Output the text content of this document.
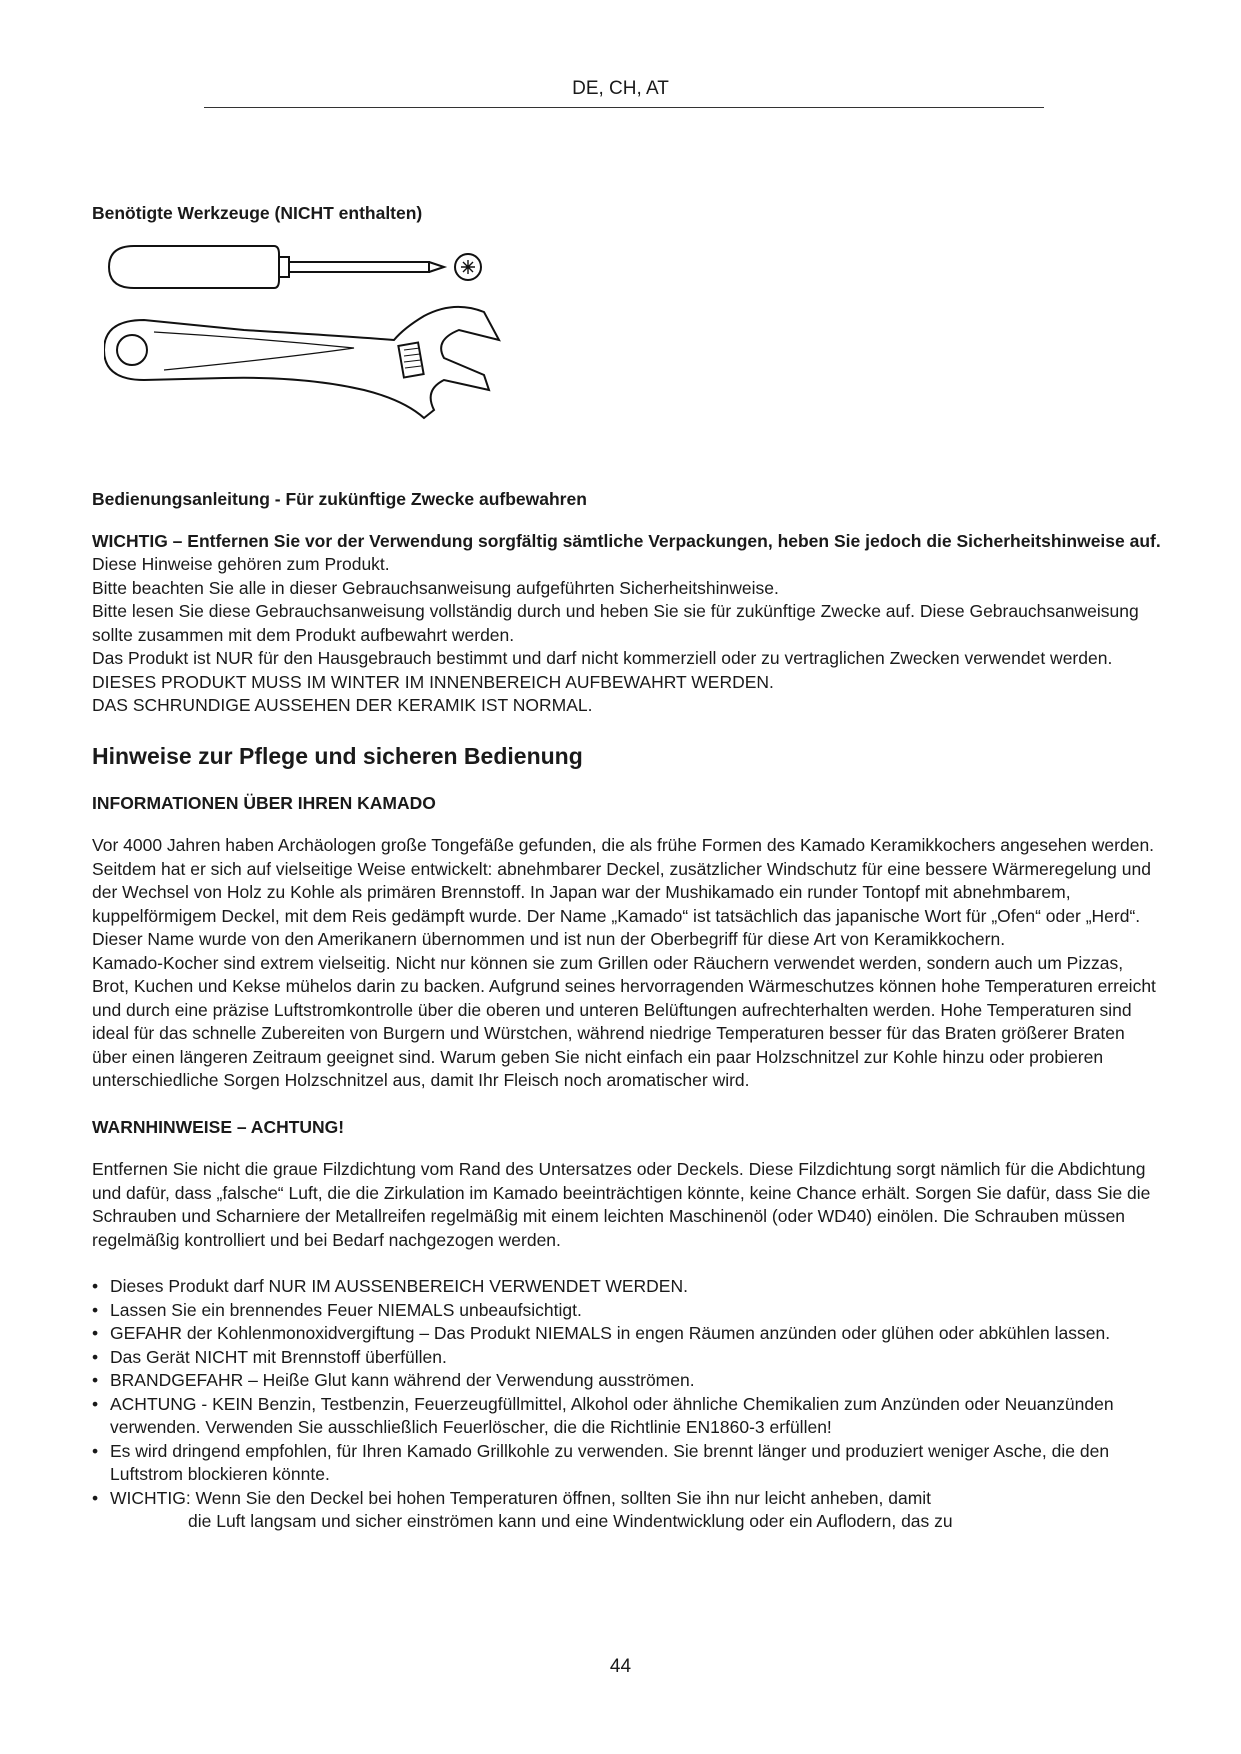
DE, CH, AT

Benötigte Werkzeuge (NICHT enthalten)

Bedienungsanleitung - Für zukünftige Zwecke aufbewahren

WICHTIG – Entfernen Sie vor der Verwendung sorgfältig sämtliche Verpackungen, heben Sie jedoch die Sicherheitshinweise auf.

Diese Hinweise gehören zum Produkt.

Bitte beachten Sie alle in dieser Gebrauchsanweisung aufgeführten Sicherheitshinweise.

Bitte lesen Sie diese Gebrauchsanweisung vollständig durch und heben Sie sie für zukünftige Zwecke auf. Diese Gebrauchsanweisung sollte zusammen mit dem Produkt aufbewahrt werden.

Das Produkt ist NUR für den Hausgebrauch bestimmt und darf nicht kommerziell oder zu vertraglichen Zwecken verwendet werden. DIESES PRODUKT MUSS IM WINTER IM INNENBEREICH AUFBEWAHRT WERDEN.

DAS SCHRUNDIGE AUSSEHEN DER KERAMIK IST NORMAL.

Hinweise zur Pflege und sicheren Bedienung
INFORMATIONEN ÜBER IHREN KAMADO

Vor 4000 Jahren haben Archäologen große Tongefäße gefunden, die als frühe Formen des Kamado Keramikkochers angesehen werden. Seitdem hat er sich auf vielseitige Weise entwickelt: abnehmbarer Deckel, zusätzlicher Windschutz für eine bessere Wärmeregelung und der Wechsel von Holz zu Kohle als primären Brennstoff. In Japan war der Mushikamado ein runder Tontopf mit abnehmbarem, kuppelförmigem Deckel, mit dem Reis gedämpft wurde. Der Name „Kamado“ ist tatsächlich das japanische Wort für „Ofen“ oder „Herd“. Dieser Name wurde von den Amerikanern übernommen und ist nun der Oberbegriff für diese Art von Keramikkochern.

Kamado-Kocher sind extrem vielseitig. Nicht nur können sie zum Grillen oder Räuchern verwendet werden, sondern auch um Pizzas, Brot, Kuchen und Kekse mühelos darin zu backen. Aufgrund seines hervorragenden Wärmeschutzes können hohe Temperaturen erreicht und durch eine präzise Luftstromkontrolle über die oberen und unteren Belüftungen aufrechterhalten werden. Hohe Temperaturen sind ideal für das schnelle Zubereiten von Burgern und Würstchen, während niedrige Temperaturen besser für das Braten größerer Braten über einen längeren Zeitraum geeignet sind. Warum geben Sie nicht einfach ein paar Holzschnitzel zur Kohle hinzu oder probieren unterschiedliche Sorgen Holzschnitzel aus, damit Ihr Fleisch noch aromatischer wird.

WARNHINWEISE – ACHTUNG!

Entfernen Sie nicht die graue Filzdichtung vom Rand des Untersatzes oder Deckels. Diese Filzdichtung sorgt nämlich für die Abdichtung und dafür, dass „falsche“ Luft, die die Zirkulation im Kamado beeinträchtigen könnte, keine Chance erhält. Sorgen Sie dafür, dass Sie die Schrauben und Scharniere der Metallreifen regelmäßig mit einem leichten Maschinenöl (oder WD40) einölen. Die Schrauben müssen regelmäßig kontrolliert und bei Bedarf nachgezogen werden.

• Dieses Produkt darf NUR IM AUSSENBEREICH VERWENDET WERDEN.
• Lassen Sie ein brennendes Feuer NIEMALS unbeaufsichtigt.
• GEFAHR der Kohlenmonoxidvergiftung – Das Produkt NIEMALS in engen Räumen anzünden oder glühen oder abkühlen lassen.
• Das Gerät NICHT mit Brennstoff überfüllen.
• BRANDGEFAHR – Heiße Glut kann während der Verwendung ausströmen.
• ACHTUNG - KEIN Benzin, Testbenzin, Feuerzeugfüllmittel, Alkohol oder ähnliche Chemikalien zum Anzünden oder Neuanzünden verwenden. Verwenden Sie ausschließlich Feuerlöscher, die die Richtlinie EN1860-3 erfüllen!
• Es wird dringend empfohlen, für Ihren Kamado Grillkohle zu verwenden. Sie brennt länger und produziert weniger Asche, die den Luftstrom blockieren könnte.
• WICHTIG: Wenn Sie den Deckel bei hohen Temperaturen öffnen, sollten Sie ihn nur leicht anheben, damit

die Luft langsam und sicher einströmen kann und eine Windentwicklung oder ein Auflodern, das zu

44
